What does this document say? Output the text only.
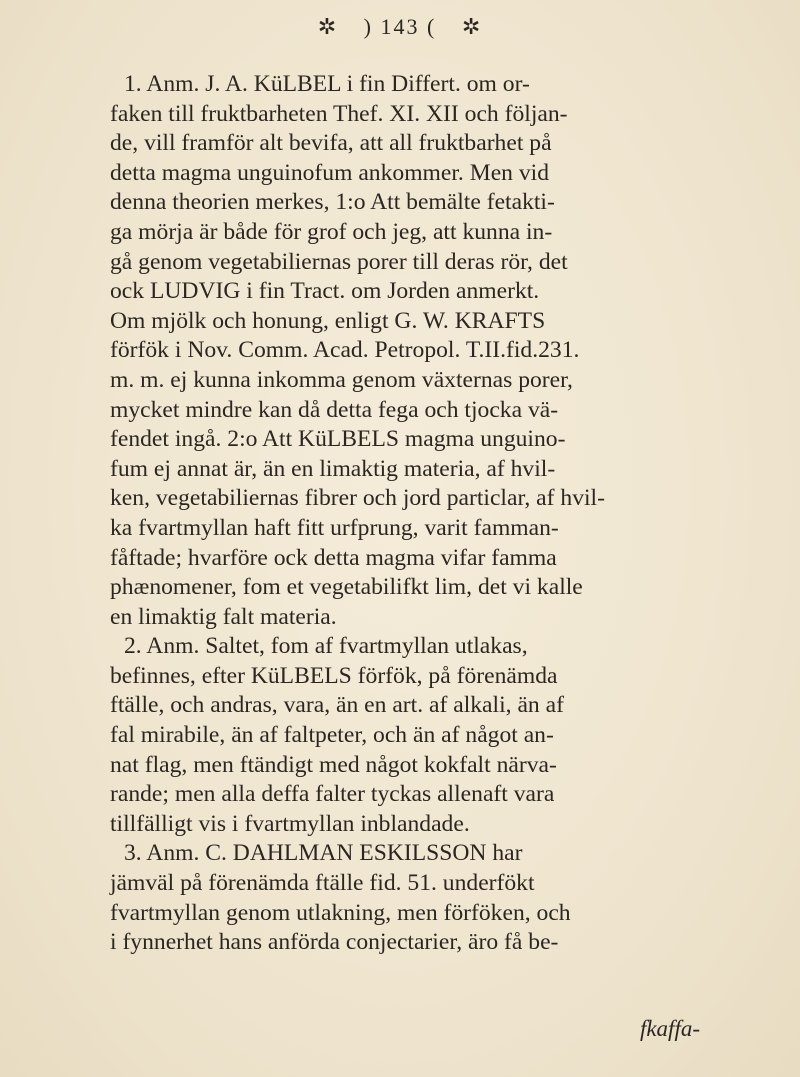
✲ ) 143 ( ✲
1. Anm. J. A. KüLBEL i fin Differt. om or-
faken till fruktbarheten Thef. XI. XII och följan-
de, vill framför alt bevifa, att all fruktbarhet på
detta magma unguinofum ankommer. Men vid
denna theorien merkes, 1:o Att bemälte fetakti-
ga mörja är både för grof och jeg, att kunna in-
gå genom vegetabiliernas porer till deras rör, det
ock LUDVIG i fin Tract. om Jorden anmerkt.
Om mjölk och honung, enligt G. W. KRAFTS
förfök i Nov. Comm. Acad. Petropol. T.II.fid.231.
m. m. ej kunna inkomma genom växternas porer,
mycket mindre kan då detta fega och tjocka vä-
fendet ingå. 2:o Att KüLBELS magma unguino-
fum ej annat är, än en limaktig materia, af hvil-
ken, vegetabiliernas fibrer och jord particlar, af hvil-
ka fvartmyllan haft fitt urfprung, varit famman-
fåftade; hvarföre ock detta magma vifar famma
phænomener, fom et vegetabilifkt lim, det vi kalle
en limaktig falt materia.
2. Anm. Saltet, fom af fvartmyllan utlakas,
befinnes, efter KüLBELS förfök, på förenämda
ftälle, och andras, vara, än en art. af alkali, än af
fal mirabile, än af faltpeter, och än af något an-
nat flag, men ftändigt med något kokfalt närva-
rande; men alla deffa falter tyckas allenaft vara
tillfälligt vis i fvartmyllan inblandade.
3. Anm. C. DAHLMAN ESKILSSON har
jämväl på förenämda ftälle fid. 51. underfökt
fvartmyllan genom utlakning, men förföken, och
i fynnerhet hans anförda conjectarier, äro få be-
fkaffa-
